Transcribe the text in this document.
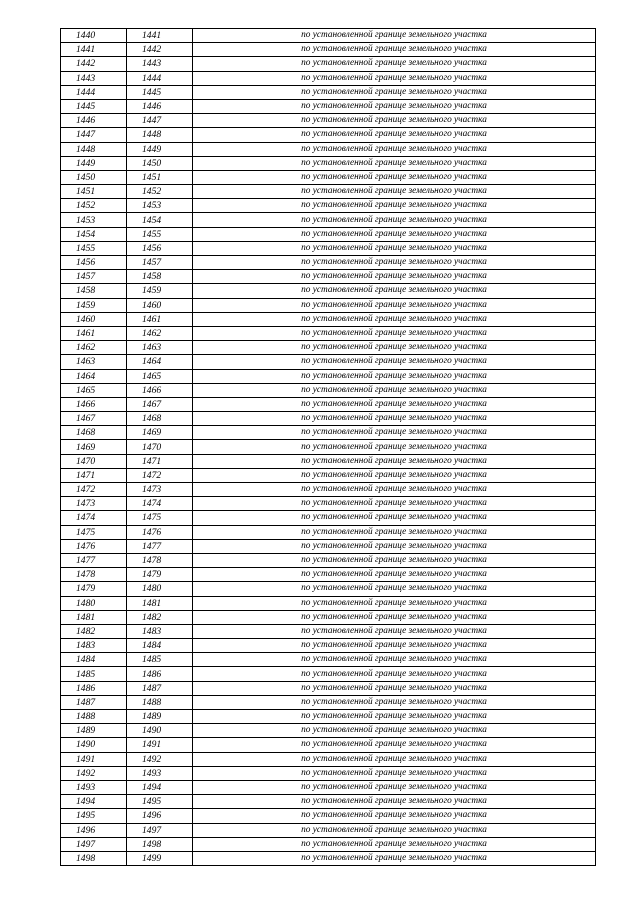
1440	1441	по установленной границе земельного участка
1441	1442	по установленной границе земельного участка
1442	1443	по установленной границе земельного участка
1443	1444	по установленной границе земельного участка
1444	1445	по установленной границе земельного участка
1445	1446	по установленной границе земельного участка
1446	1447	по установленной границе земельного участка
1447	1448	по установленной границе земельного участка
1448	1449	по установленной границе земельного участка
1449	1450	по установленной границе земельного участка
1450	1451	по установленной границе земельного участка
1451	1452	по установленной границе земельного участка
1452	1453	по установленной границе земельного участка
1453	1454	по установленной границе земельного участка
1454	1455	по установленной границе земельного участка
1455	1456	по установленной границе земельного участка
1456	1457	по установленной границе земельного участка
1457	1458	по установленной границе земельного участка
1458	1459	по установленной границе земельного участка
1459	1460	по установленной границе земельного участка
1460	1461	по установленной границе земельного участка
1461	1462	по установленной границе земельного участка
1462	1463	по установленной границе земельного участка
1463	1464	по установленной границе земельного участка
1464	1465	по установленной границе земельного участка
1465	1466	по установленной границе земельного участка
1466	1467	по установленной границе земельного участка
1467	1468	по установленной границе земельного участка
1468	1469	по установленной границе земельного участка
1469	1470	по установленной границе земельного участка
1470	1471	по установленной границе земельного участка
1471	1472	по установленной границе земельного участка
1472	1473	по установленной границе земельного участка
1473	1474	по установленной границе земельного участка
1474	1475	по установленной границе земельного участка
1475	1476	по установленной границе земельного участка
1476	1477	по установленной границе земельного участка
1477	1478	по установленной границе земельного участка
1478	1479	по установленной границе земельного участка
1479	1480	по установленной границе земельного участка
1480	1481	по установленной границе земельного участка
1481	1482	по установленной границе земельного участка
1482	1483	по установленной границе земельного участка
1483	1484	по установленной границе земельного участка
1484	1485	по установленной границе земельного участка
1485	1486	по установленной границе земельного участка
1486	1487	по установленной границе земельного участка
1487	1488	по установленной границе земельного участка
1488	1489	по установленной границе земельного участка
1489	1490	по установленной границе земельного участка
1490	1491	по установленной границе земельного участка
1491	1492	по установленной границе земельного участка
1492	1493	по установленной границе земельного участка
1493	1494	по установленной границе земельного участка
1494	1495	по установленной границе земельного участка
1495	1496	по установленной границе земельного участка
1496	1497	по установленной границе земельного участка
1497	1498	по установленной границе земельного участка
1498	1499	по установленной границе земельного участка
